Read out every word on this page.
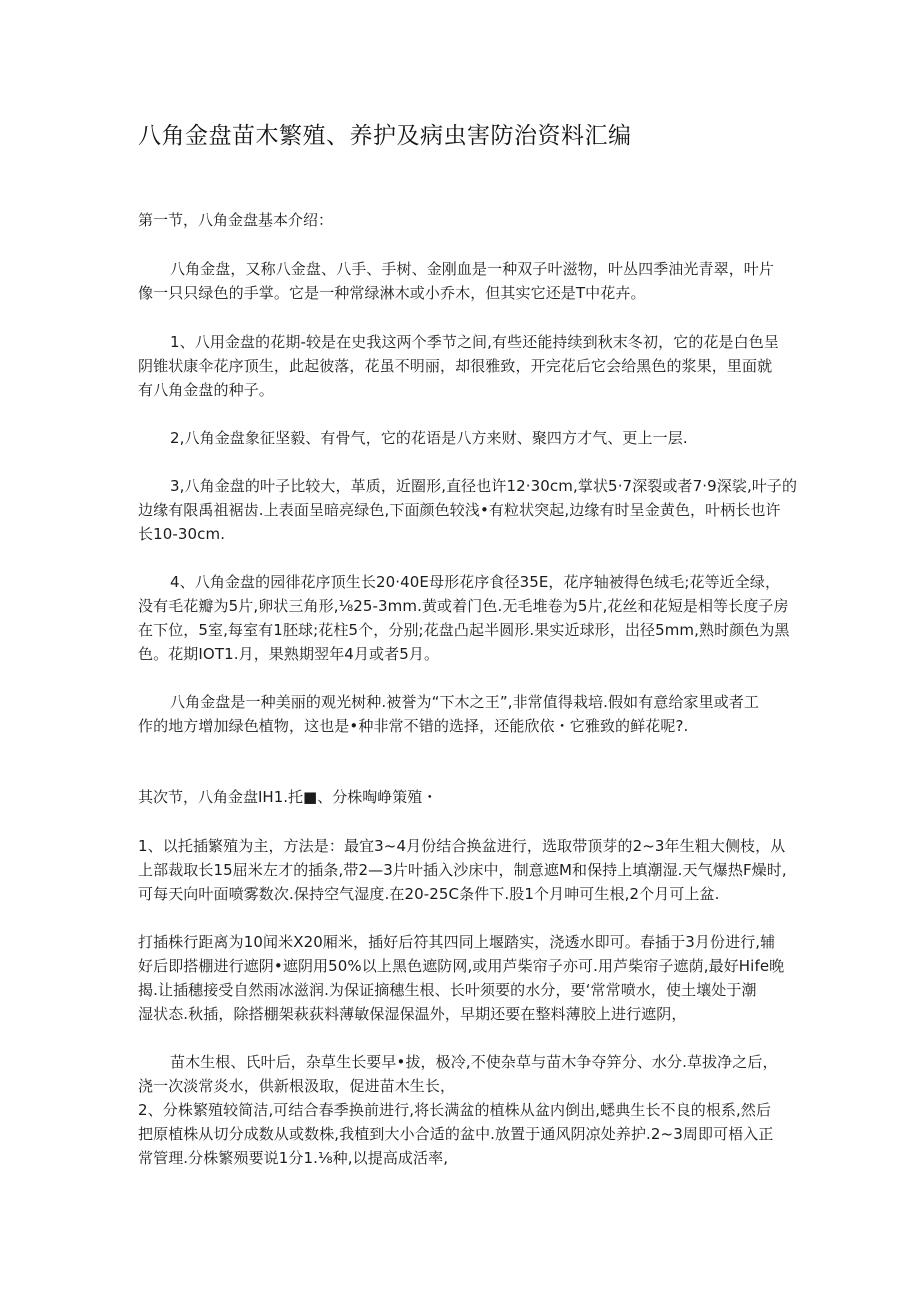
八角金盘苗木繁殖、养护及病虫害防治资料汇编
第一节，八角金盘基本介绍：
八角金盘，又称八金盘、八手、手树、金刚血是一种双子叶滋物，叶丛四季油光青翠，叶片
像一只只绿色的手掌。它是一种常绿淋木或小乔木，但其实它还是T中花卉。
1、八用金盘的花期-较是在史我这两个季节之间,有些还能持续到秋末冬初，它的花是白色呈
阴锥状康伞花序顶生，此起彼落，花虽不明丽，却很雅致，开完花后它会给黑色的浆果，里面就
有八角金盘的种子。
2,八角金盘象征坚毅、有骨气，它的花语是八方来财、聚四方才气、更上一层.
3,八角金盘的叶子比较大，革质，近圈形,直径也许12·30cm,掌状5·7深裂或者7·9深裟,叶子的
边缘有限禹祖裾齿.上表面呈暗亮绿色,下面颜色较浅•有粒状突起,边缘有时呈金黄色，叶柄长也许
长10-30cm.
4、八角金盘的园徘花序顶生长20·40E母形花序食径35E，花序轴被得色绒毛;花等近全绿，
没有毛花瓣为5片,卵状三角形,⅛25-3mm.黄或着门色.无毛堆卷为5片,花丝和花短是相等长度子房
在下位，5室,每室有1胚球;花柱5个，分别;花盘凸起半圆形.果实近球形，岀径5mm,熟时颜色为黑
色。花期IOT1.月，果熟期翌年4月或者5月。
八角金盘是一种美丽的观光树种.被誉为“下木之王”,非常值得栽培.假如有意给家里或者工
作的地方增加绿色植物，这也是•种非常不错的选择，还能欣依・它雅致的鲜花呢?.
其次节，八角金盘IH1.托■、分株啕峥策殖・
1、以托插繁殖为主，方法是：最宜3~4月份结合换盆进行，选取带顶芽的2~3年生粗大侧枝，从
上部裁取长15屈米左才的插条,带2—3片叶插入沙床中，制意遮M和保持上填潮湿.天气爆热F燥时,
可每天向叶面喷雾数次.保持空气湿度.在20-25C条件下.股1个月呻可生根,2个月可上盆.
打插株行距离为10闻米X20厢米，插好后符其四同上堰踏实，浇透水即可。春插于3月份进行,辅
好后即搭棚进行遮阴•遮阴用50%以上黑色遮防网,或用芦柴帘子亦可.用芦柴帘子遮荫,最好Hife晚
揭.让插穗接受自然雨冰滋润.为保证摘穗生根、长叶须要的水分，要‘常常喷水，使土壤处于潮
湿状态.秋插，除搭棚架萩荻料薄敏保湿保温外，早期还要在整料薄胶上进行遮阴，
苗木生根、氏叶后，杂草生长要早•拔，极冷,不使杂草与苗木争夺笄分、水分.草拔净之后，
浇一次淡常炎水，供新根汲取，促进苗木生长，
2、分株繁殖较简洁,可结合春季换前进行,将长满盆的植株从盆内倒出,蟋典生长不良的根系,然后
把原植株从切分成数从或数株,我植到大小合适的盆中.放置于通风阴凉处养护.2~3周即可梧入正
常管理.分株繁殒要说1分1.⅛种,以提高成活率,
